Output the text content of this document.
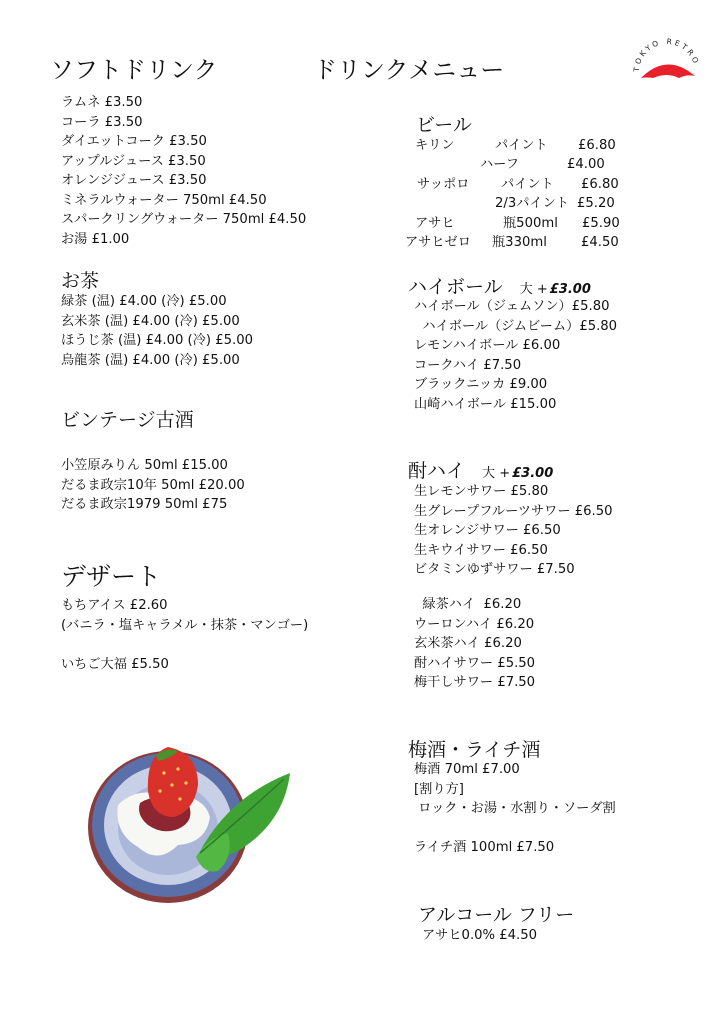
ソフトドリンク	ドリンクメニュー	TOKYO RETRO
ラムネ £3.50
コーラ £3.50
ダイエットコーク £3.50
アップルジュース £3.50
オレンジジュース £3.50
ミネラルウォーター 750ml £4.50
スパークリングウォーター 750ml £4.50
お湯 £1.00
お茶
緑茶 (温) £4.00 (冷) £5.00
玄米茶 (温) £4.00 (冷) £5.00
ほうじ茶 (温) £4.00 (冷) £5.00
烏龍茶 (温) £4.00 (冷) £5.00
ビンテージ古酒
小笠原みりん 50ml £15.00
だるま政宗10年 50ml £20.00
だるま政宗1979 50ml £75
デザート
もちアイス £2.60
(バニラ・塩キャラメル・抹茶・マンゴー)
いちご大福 £5.50
ビール
キリン	パイント £6.80
ハーフ	£4.00
サッポロ パイント £6.80
2/3パイント £5.20
アサヒ	瓶500ml £5.90
アサヒゼロ 瓶330ml	£4.50
ハイボール 大 + £3.00
ハイボール（ジェムソン）£5.80
ハイボール（ジムビーム）£5.80
レモンハイボール £6.00
コークハイ £7.50
ブラックニッカ £9.00
山崎ハイボール £15.00
酎ハイ 大 + £3.00
生レモンサワー £5.80
生グレープフルーツサワー £6.50
生オレンジサワー £6.50
生キウイサワー £6.50
ビタミンゆずサワー £7.50
緑茶ハイ  £6.20
ウーロンハイ £6.20
玄米茶ハイ £6.20
酎ハイサワー £5.50
梅干しサワー £7.50
梅酒・ライチ酒
梅酒 70ml £7.00
[割り方]
ロック・お湯・水割り・ソーダ割
ライチ酒 100ml £7.50
アルコール フリー
アサヒ0.0% £4.50
